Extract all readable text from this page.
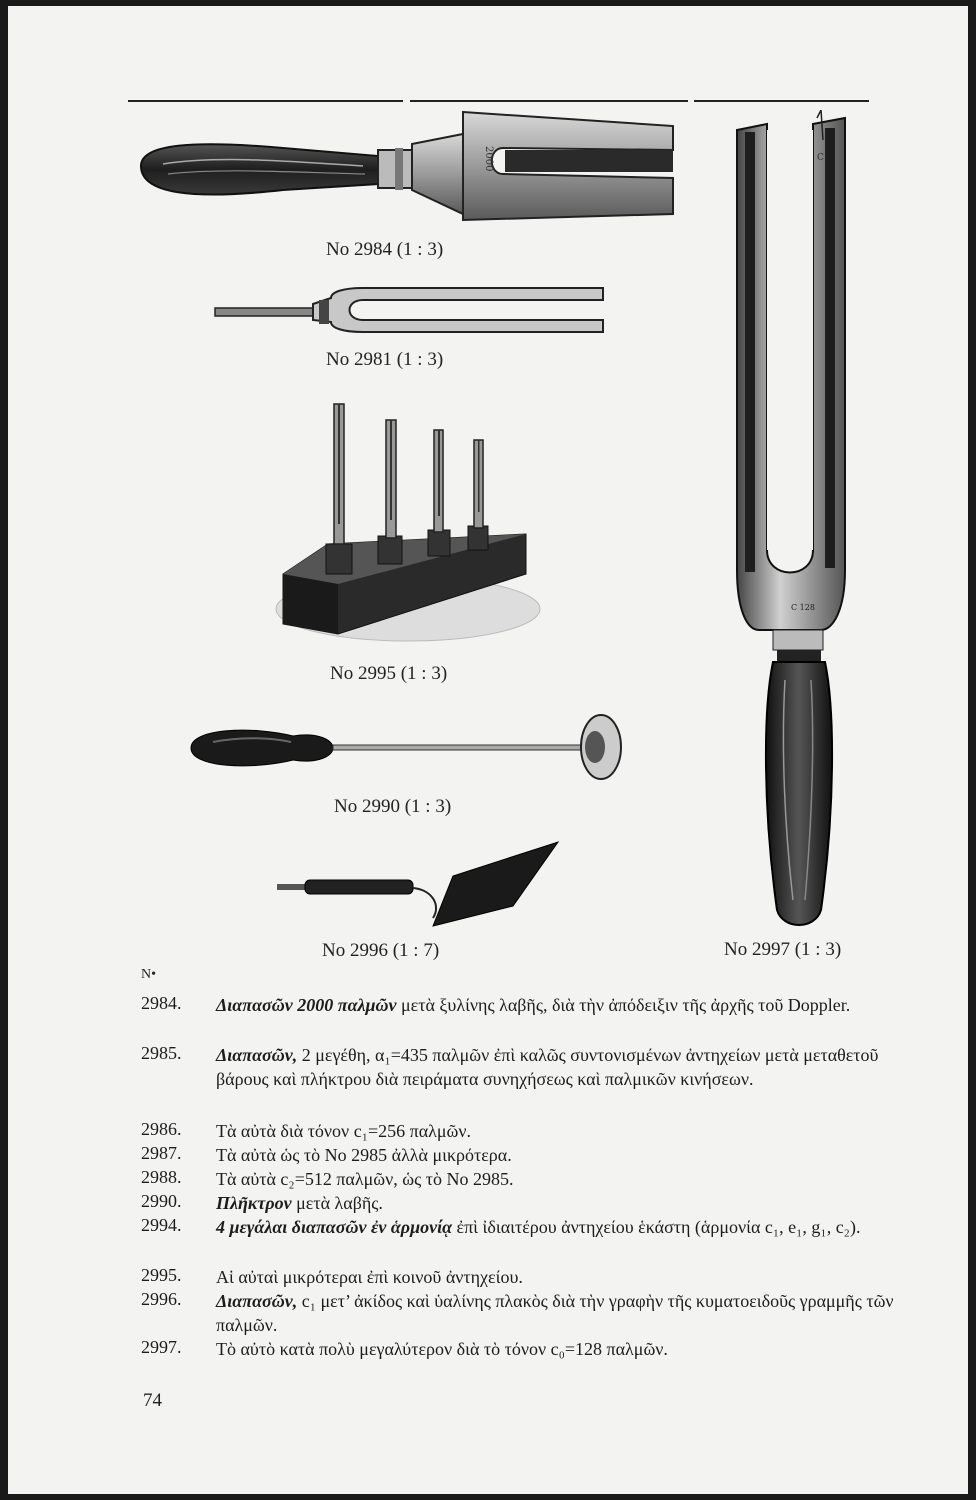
2000
No 2984 (1 : 3)
No 2981 (1 : 3)
No 2995 (1 : 3)
No 2990 (1 : 3)
No 2996 (1 : 7)
C
C 128
No 2997 (1 : 3)
N•
2984.	Διαπασῶν 2000 παλμῶν μετὰ ξυλίνης λαβῆς, διὰ τὴν ἀπόδειξιν τῆς ἀρχῆς τοῦ Doppler.
2985.	Διαπασῶν, 2 μεγέθη, α₁=435 παλμῶν ἐπὶ καλῶς συντονισμένων ἀντηχείων μετὰ μεταθετοῦ βάρους καὶ πλήκτρου διὰ πειράματα συνηχήσεως καὶ παλμικῶν κινήσεων.
2986.	Τὰ αὐτὰ διὰ τόνον c₁=256 παλμῶν.
2987.	Τὰ αὐτὰ ὡς τὸ No 2985 ἀλλὰ μικρότερα.
2988.	Τὰ αὐτὰ c₂=512 παλμῶν, ὡς τὸ No 2985.
2990.	Πλῆκτρον μετὰ λαβῆς.
2994.	4 μεγάλαι διαπασῶν ἐν ἁρμονίᾳ ἐπὶ ἰδιαιτέρου ἀντηχείου ἑκάστη (ἁρμονία c₁, e₁, g₁, c₂).
2995.	Αἱ αὐταὶ μικρότεραι ἐπὶ κοινοῦ ἀντηχείου.
2996.	Διαπασῶν, c₁ μετ’ ἀκίδος καὶ ὑαλίνης πλακὸς διὰ τὴν γραφὴν τῆς κυματοειδοῦς γραμμῆς τῶν παλμῶν.
2997.	Τὸ αὐτὸ κατὰ πολὺ μεγαλύτερον διὰ τὸ τόνον c₀=128 παλμῶν.
74
